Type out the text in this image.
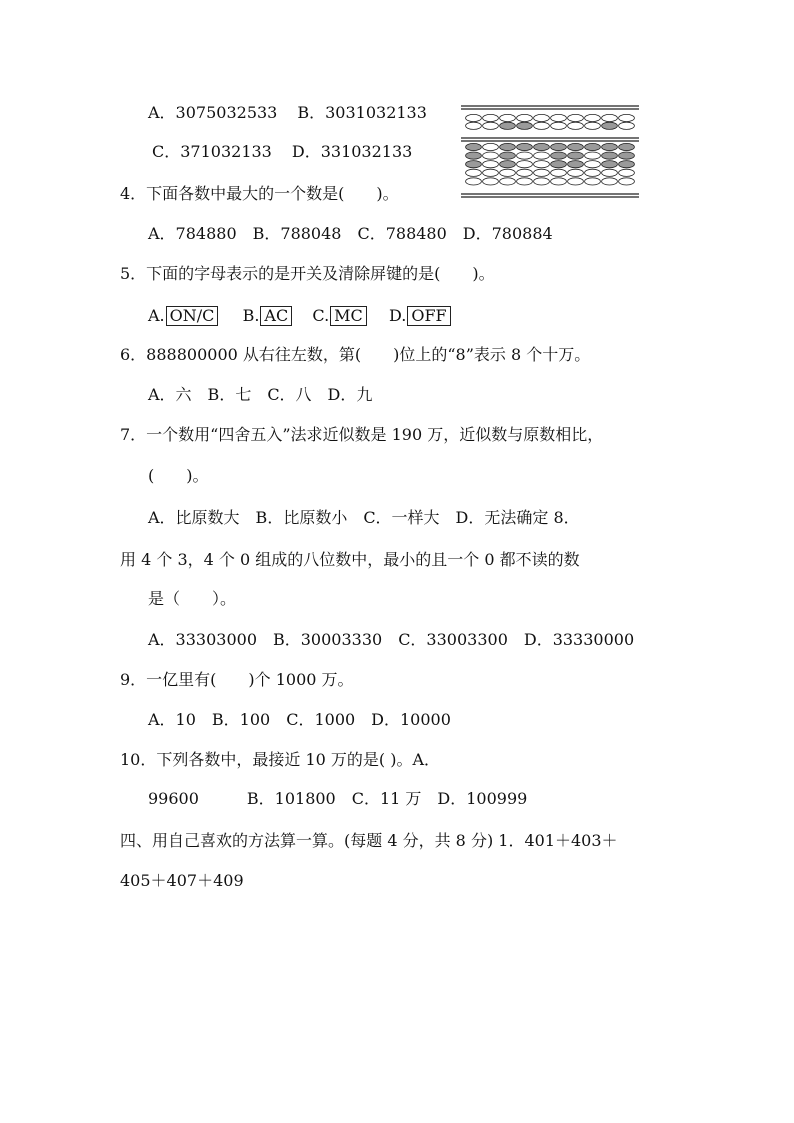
A．3075032533 B．3031032133
C．371032133 D．331032133
4．下面各数中最大的一个数是(　　)。
A．784880　B．788048　C．788480　D．780884
5．下面的字母表示的是开关及清除屏键的是(　　)。
A. ON/C B. AC C. MC D. OFF
6．888800000 从右往左数，第(　　)位上的“8”表示 8 个十万。
A．六　B．七　C．八　D．九
7．一个数用“四舍五入”法求近似数是 190 万，近似数与原数相比，
(　　)。
A．比原数大　B．比原数小　C．一样大　D．无法确定 8．
用 4 个 3，4 个 0 组成的八位数中，最小的且一个 0 都不读的数
是（　　）。
A．33303000　B．30003330　C．33003300　D．33330000
9．一亿里有(　　)个 1000 万。
A．10　B．100　C．1000　D．10000
10．下列各数中，最接近 10 万的是( )。A．
99600　　　B．101800　C．11 万　D．100999
四、用自己喜欢的方法算一算。(每题 4 分，共 8 分) 1．401＋403＋
405＋407＋409
